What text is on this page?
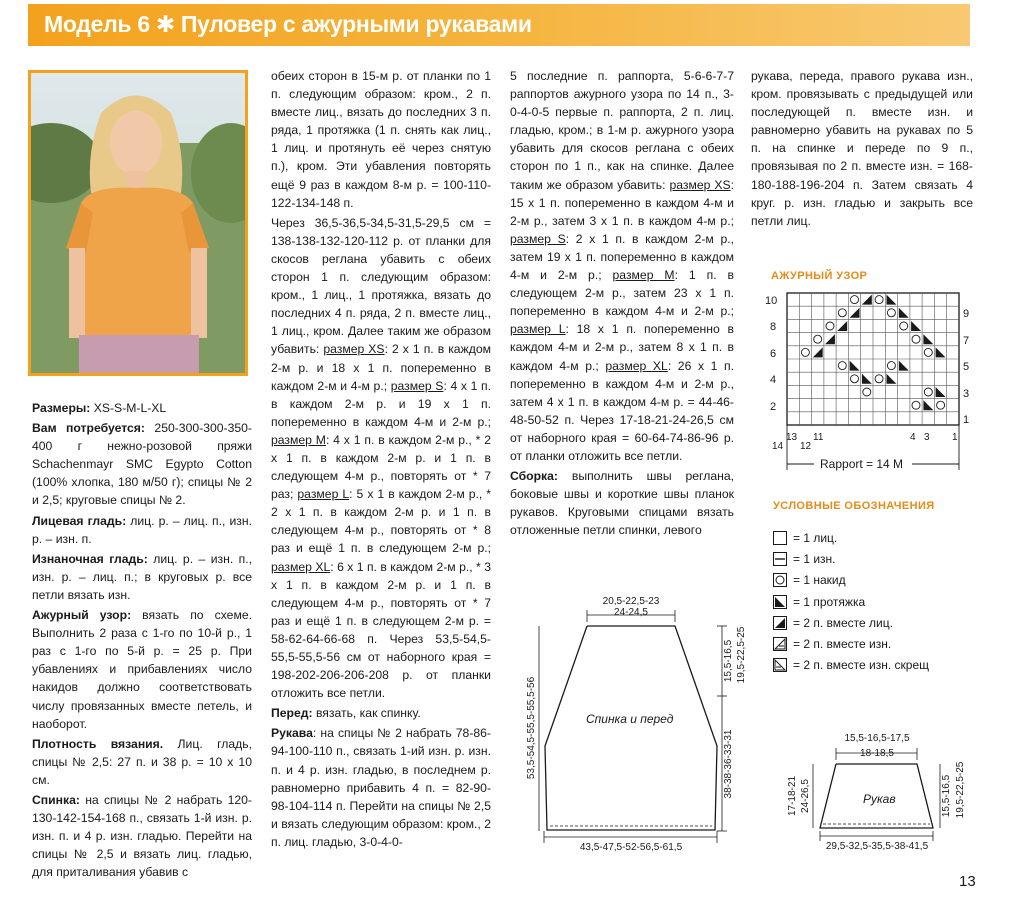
Модель 6 ✱ Пуловер с ажурными рукавами

Размеры: XS-S-M-L-XL

Вам потребуется: 250-300-300-350-400 г нежно-розовой пряжи Schachenmayr SMC Egypto Cotton (100% хлопка, 180 м/50 г); спицы № 2 и 2,5; круговые спицы № 2.

Лицевая гладь: лиц. р. – лиц. п., изн. р. – изн. п.

Изнаночная гладь: лиц. р. – изн. п., изн. р. – лиц. п.; в круговых р. все петли вязать изн.

Ажурный узор: вязать по схеме. Выполнить 2 раза с 1-го по 10-й р., 1 раз с 1-го по 5-й р. = 25 р. При убавлениях и прибавлениях число накидов должно соответствовать числу провязанных вместе петель, и наоборот.

Плотность вязания. Лиц. гладь, спицы № 2,5: 27 п. и 38 р. = 10 x 10 см.

Спинка: на спицы № 2 набрать 120-130-142-154-168 п., связать 1-й изн. р. изн. п. и 4 р. изн. гладью. Перейти на спицы № 2,5 и вязать лиц. гладью, для приталивания убавив с

обеих сторон в 15-м р. от планки по 1 п. следующим образом: кром., 2 п. вместе лиц., вязать до последних 3 п. ряда, 1 протяжка (1 п. снять как лиц., 1 лиц. и протянуть её через снятую п.), кром. Эти убавления повторять ещё 9 раз в каждом 8-м р. = 100-110-122-134-148 п.

Через 36,5-36,5-34,5-31,5-29,5 см = 138-138-132-120-112 р. от планки для скосов реглана убавить с обеих сторон 1 п. следующим образом: кром., 1 лиц., 1 протяжка, вязать до последних 4 п. ряда, 2 п. вместе лиц., 1 лиц., кром. Далее таким же образом убавить: размер XS: 2 x 1 п. в каждом 2-м р. и 18 x 1 п. попеременно в каждом 2-м и 4-м р.; размер S: 4 x 1 п. в каждом 2-м р. и 19 x 1 п. попеременно в каждом 4-м и 2-м р.; размер M: 4 x 1 п. в каждом 2-м р., * 2 x 1 п. в каждом 2-м р. и 1 п. в следующем 4-м р., повторять от * 7 раз; размер L: 5 x 1 в каждом 2-м р., * 2 x 1 п. в каждом 2-м р. и 1 п. в следующем 4-м р., повторять от * 8 раз и ещё 1 п. в следующем 2-м р.; размер XL: 6 x 1 п. в каждом 2-м р., * 3 x 1 п. в каждом 2-м р. и 1 п. в следующем 4-м р., повторять от * 7 раз и ещё 1 п. в следующем 2-м р. = 58-62-64-66-68 п. Через 53,5-54,5-55,5-55,5-56 см от наборного края = 198-202-206-206-208 р. от планки отложить все петли.

Перед: вязать, как спинку.

Рукава: на спицы № 2 набрать 78-86-94-100-110 п., связать 1-ий изн. р. изн. п. и 4 р. изн. гладью, в последнем р. равномерно прибавить 4 п. = 82-90-98-104-114 п. Перейти на спицы № 2,5 и вязать следующим образом: кром., 2 п. лиц. гладью, 3-0-4-0-

5 последние п. раппорта, 5-6-6-7-7 раппортов ажурного узора по 14 п., 3-0-4-0-5 первые п. раппорта, 2 п. лиц. гладью, кром.; в 1-м р. ажурного узора убавить для скосов реглана с обеих сторон по 1 п., как на спинке. Далее таким же образом убавить: размер XS: 15 x 1 п. попеременно в каждом 4-м и 2-м р., затем 3 x 1 п. в каждом 4-м р.; размер S: 2 x 1 п. в каждом 2-м р., затем 19 x 1 п. попеременно в каждом 4-м и 2-м р.; размер M: 1 п. в следующем 2-м р., затем 23 x 1 п. попеременно в каждом 4-м и 2-м р.; размер L: 18 x 1 п. попеременно в каждом 4-м и 2-м р., затем 8 x 1 п. в каждом 4-м р.; размер XL: 26 x 1 п. попеременно в каждом 4-м и 2-м р., затем 4 x 1 п. в каждом 4-м р. = 44-46-48-50-52 п. Через 17-18-21-24-26,5 см от наборного края = 60-64-74-86-96 р. от планки отложить все петли.

Сборка: выполнить швы реглана, боковые швы и короткие швы планок рукавов. Круговыми спицами вязать отложенные петли спинки, левого

рукава, переда, правого рукава изн., кром. провязывать с предыдущей или последующей п. вместе изн. и равномерно убавить на рукавах по 5 п. на спинке и переде по 9 п., провязывая по 2 п. вместе изн. = 168-180-188-196-204 п. Затем связать 4 круг. р. изн. гладью и закрыть все петли лиц.

АЖУРНЫЙ УЗОР
10
8
6
4
2
9
7
5
3
1
14
13
12
11	4 3 1
Rapport = 14 M
УСЛОВНЫЕ ОБОЗНАЧЕНИЯ
= 1 лиц.
= 1 изн.
= 1 накид
= 1 протяжка
= 2 п. вместе лиц.
= 2 п. вместе изн.
= 2 п. вместе изн. скрещ
Спинка и перед
20,5-22,5-23
24-24,5
43,5-47,5-52-56,5-61,5
53,5-54,5-55,5-55,5-56
15,5-16,5 19,5-22,5-25
38-38-36-33-31
Рукав
15,5-16,5-17,5
18-18,5
29,5-32,5-35,5-38-41,5
17-18-21 24-26,5	15,5-16,5 19,5-22,5-25
13
